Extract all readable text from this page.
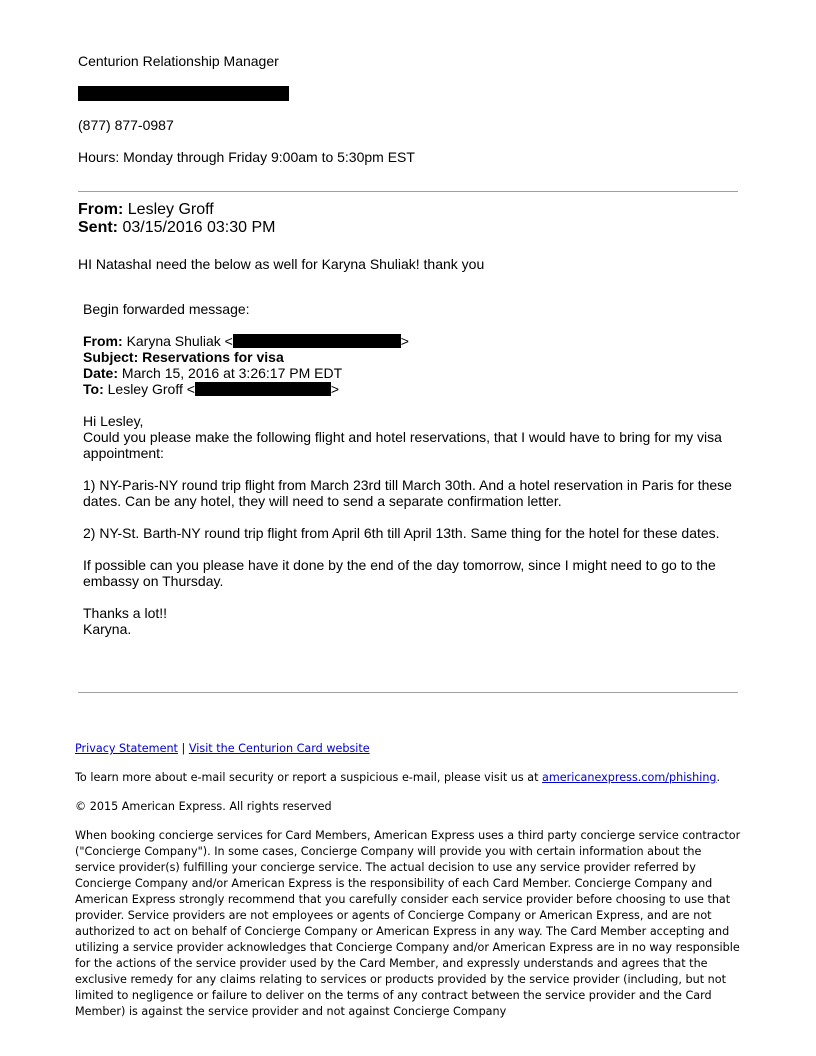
Centurion Relationship Manager
(877) 877-0987
Hours: Monday through Friday 9:00am to 5:30pm EST
From: Lesley Groff
Sent: 03/15/2016 03:30 PM
HI NatashaI need the below as well for Karyna Shuliak! thank you
Begin forwarded message:
From: Karyna Shuliak <	>
Subject: Reservations for visa
Date: March 15, 2016 at 3:26:17 PM EDT
To: Lesley Groff <	>
Hi Lesley,
Could you please make the following flight and hotel reservations, that I would have to bring for my visa appointment:
1) NY-Paris-NY round trip flight from March 23rd till March 30th. And a hotel reservation in Paris for these dates. Can be any hotel, they will need to send a separate confirmation letter.
2) NY-St. Barth-NY round trip flight from April 6th till April 13th. Same thing for the hotel for these dates.
If possible can you please have it done by the end of the day tomorrow, since I might need to go to the embassy on Thursday.
Thanks a lot!!
Karyna.
Privacy Statement | Visit the Centurion Card website
To learn more about e-mail security or report a suspicious e-mail, please visit us at americanexpress.com/phishing.
© 2015 American Express. All rights reserved
When booking concierge services for Card Members, American Express uses a third party concierge service contractor ("Concierge Company"). In some cases, Concierge Company will provide you with certain information about the service provider(s) fulfilling your concierge service. The actual decision to use any service provider referred by Concierge Company and/or American Express is the responsibility of each Card Member. Concierge Company and American Express strongly recommend that you carefully consider each service provider before choosing to use that provider. Service providers are not employees or agents of Concierge Company or American Express, and are not authorized to act on behalf of Concierge Company or American Express in any way. The Card Member accepting and utilizing a service provider acknowledges that Concierge Company and/or American Express are in no way responsible for the actions of the service provider used by the Card Member, and expressly understands and agrees that the exclusive remedy for any claims relating to services or products provided by the service provider (including, but not limited to negligence or failure to deliver on the terms of any contract between the service provider and the Card Member) is against the service provider and not against Concierge Company
